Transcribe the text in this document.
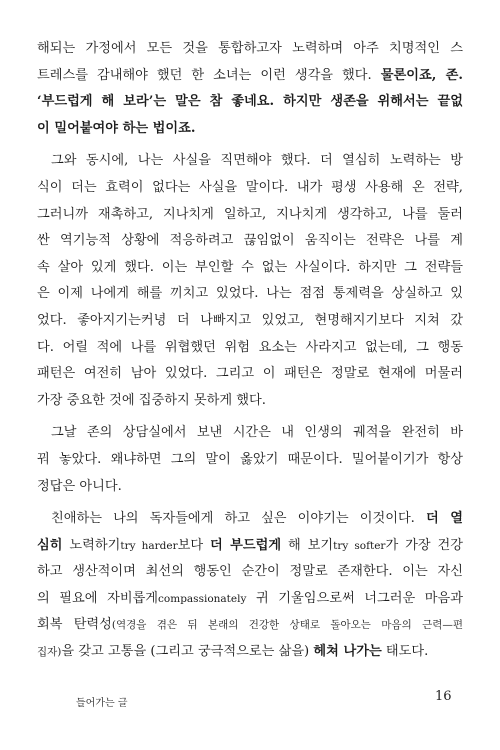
해되는 가정에서 모든 것을 통합하고자 노력하며 아주 치명적인 스
트레스를 감내해야 했던 한 소녀는 이런 생각을 했다. 물론이죠, 존.
‘부드럽게 해 보라’는 말은 참 좋네요. 하지만 생존을 위해서는 끝없
이 밀어붙여야 하는 법이죠.
그와 동시에, 나는 사실을 직면해야 했다. 더 열심히 노력하는 방
식이 더는 효력이 없다는 사실을 말이다. 내가 평생 사용해 온 전략,
그러니까 재촉하고, 지나치게 일하고, 지나치게 생각하고, 나를 둘러
싼 역기능적 상황에 적응하려고 끊임없이 움직이는 전략은 나를 계
속 살아 있게 했다. 이는 부인할 수 없는 사실이다. 하지만 그 전략들
은 이제 나에게 해를 끼치고 있었다. 나는 점점 통제력을 상실하고 있
었다. 좋아지기는커녕 더 나빠지고 있었고, 현명해지기보다 지쳐 갔
다. 어릴 적에 나를 위협했던 위험 요소는 사라지고 없는데, 그 행동
패턴은 여전히 남아 있었다. 그리고 이 패턴은 정말로 현재에 머물러
가장 중요한 것에 집중하지 못하게 했다.
그날 존의 상담실에서 보낸 시간은 내 인생의 궤적을 완전히 바
꿔 놓았다. 왜냐하면 그의 말이 옳았기 때문이다. 밀어붙이기가 항상
정답은 아니다.
친애하는 나의 독자들에게 하고 싶은 이야기는 이것이다. 더 열
심히 노력하기try harder보다 더 부드럽게 해 보기try softer가 가장 건강
하고 생산적이며 최선의 행동인 순간이 정말로 존재한다. 이는 자신
의 필요에 자비롭게compassionately 귀 기울임으로써 너그러운 마음과
회복 탄력성(역경을 겪은 뒤 본래의 건강한 상태로 돌아오는 마음의 근력—편
집자)을 갖고 고통을 (그리고 궁극적으로는 삶을) 헤쳐 나가는 태도다.
들어가는 글	16
